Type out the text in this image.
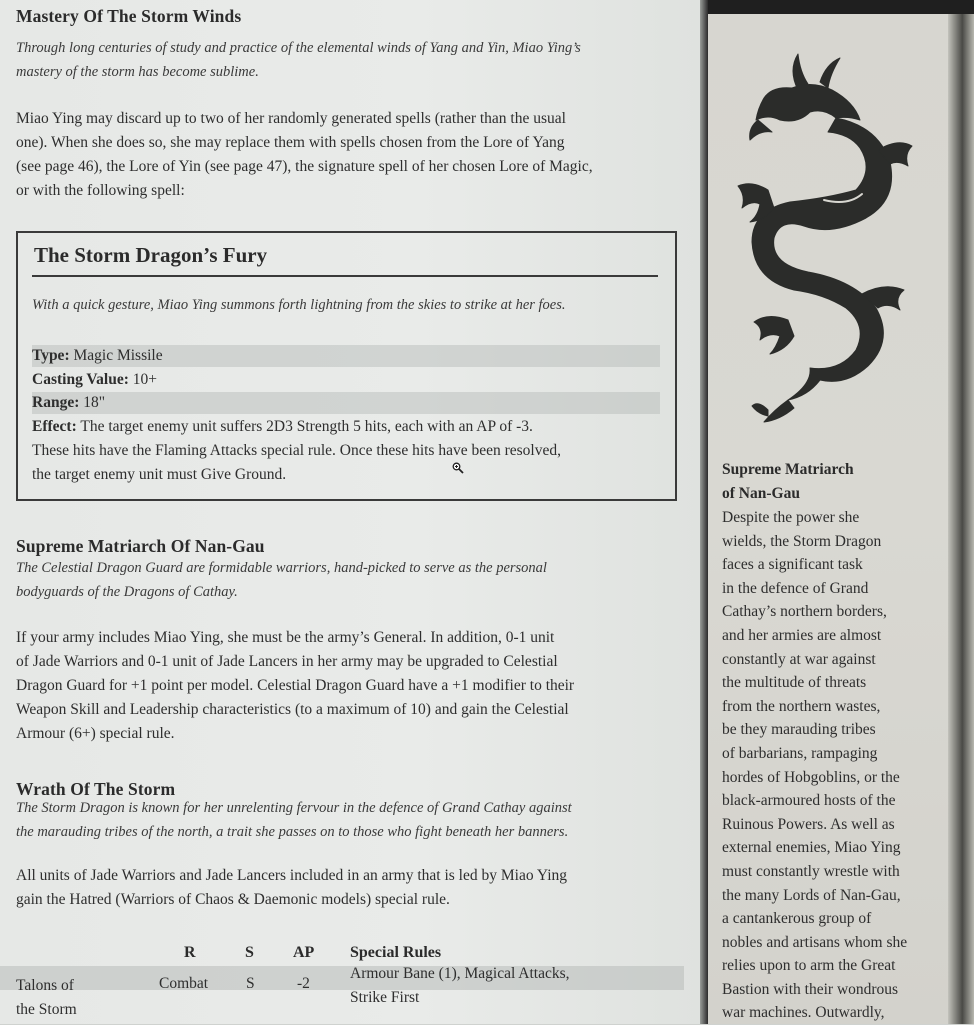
Mastery Of The Storm Winds
Through long centuries of study and practice of the elemental winds of Yang and Yin, Miao Ying’s
mastery of the storm has become sublime.
Miao Ying may discard up to two of her randomly generated spells (rather than the usual
one). When she does so, she may replace them with spells chosen from the Lore of Yang
(see page 46), the Lore of Yin (see page 47), the signature spell of her chosen Lore of Magic,
or with the following spell:
The Storm Dragon’s Fury

With a quick gesture, Miao Ying summons forth lightning from the skies to strike at her foes.

Type: Magic Missile
Casting Value: 10+
Range: 18"
Effect: The target enemy unit suffers 2D3 Strength 5 hits, each with an AP of -3.
These hits have the Flaming Attacks special rule. Once these hits have been resolved,
the target enemy unit must Give Ground.
Supreme Matriarch Of Nan-Gau
The Celestial Dragon Guard are formidable warriors, hand-picked to serve as the personal
bodyguards of the Dragons of Cathay.
If your army includes Miao Ying, she must be the army’s General. In addition, 0-1 unit
of Jade Warriors and 0-1 unit of Jade Lancers in her army may be upgraded to Celestial
Dragon Guard for +1 point per model. Celestial Dragon Guard have a +1 modifier to their
Weapon Skill and Leadership characteristics (to a maximum of 10) and gain the Celestial
Armour (6+) special rule.
Wrath Of The Storm
The Storm Dragon is known for her unrelenting fervour in the defence of Grand Cathay against
the marauding tribes of the north, a trait she passes on to those who fight beneath her banners.
All units of Jade Warriors and Jade Lancers included in an army that is led by Miao Ying
gain the Hatred (Warriors of Chaos & Daemonic models) special rule.
R	S AP Special Rules
Talons of
the Storm
Combat S	-2
Armour Bane (1), Magical Attacks,
Strike First
Supreme Matriarch
of Nan-Gau
Despite the power she
wields, the Storm Dragon
faces a significant task
in the defence of Grand
Cathay’s northern borders,
and her armies are almost
constantly at war against
the multitude of threats
from the northern wastes,
be they marauding tribes
of barbarians, rampaging
hordes of Hobgoblins, or the
black-armoured hosts of the
Ruinous Powers. As well as
external enemies, Miao Ying
must constantly wrestle with
the many Lords of Nan-Gau,
a cantankerous group of
nobles and artisans whom she
relies upon to arm the Great
Bastion with their wondrous
war machines. Outwardly,
